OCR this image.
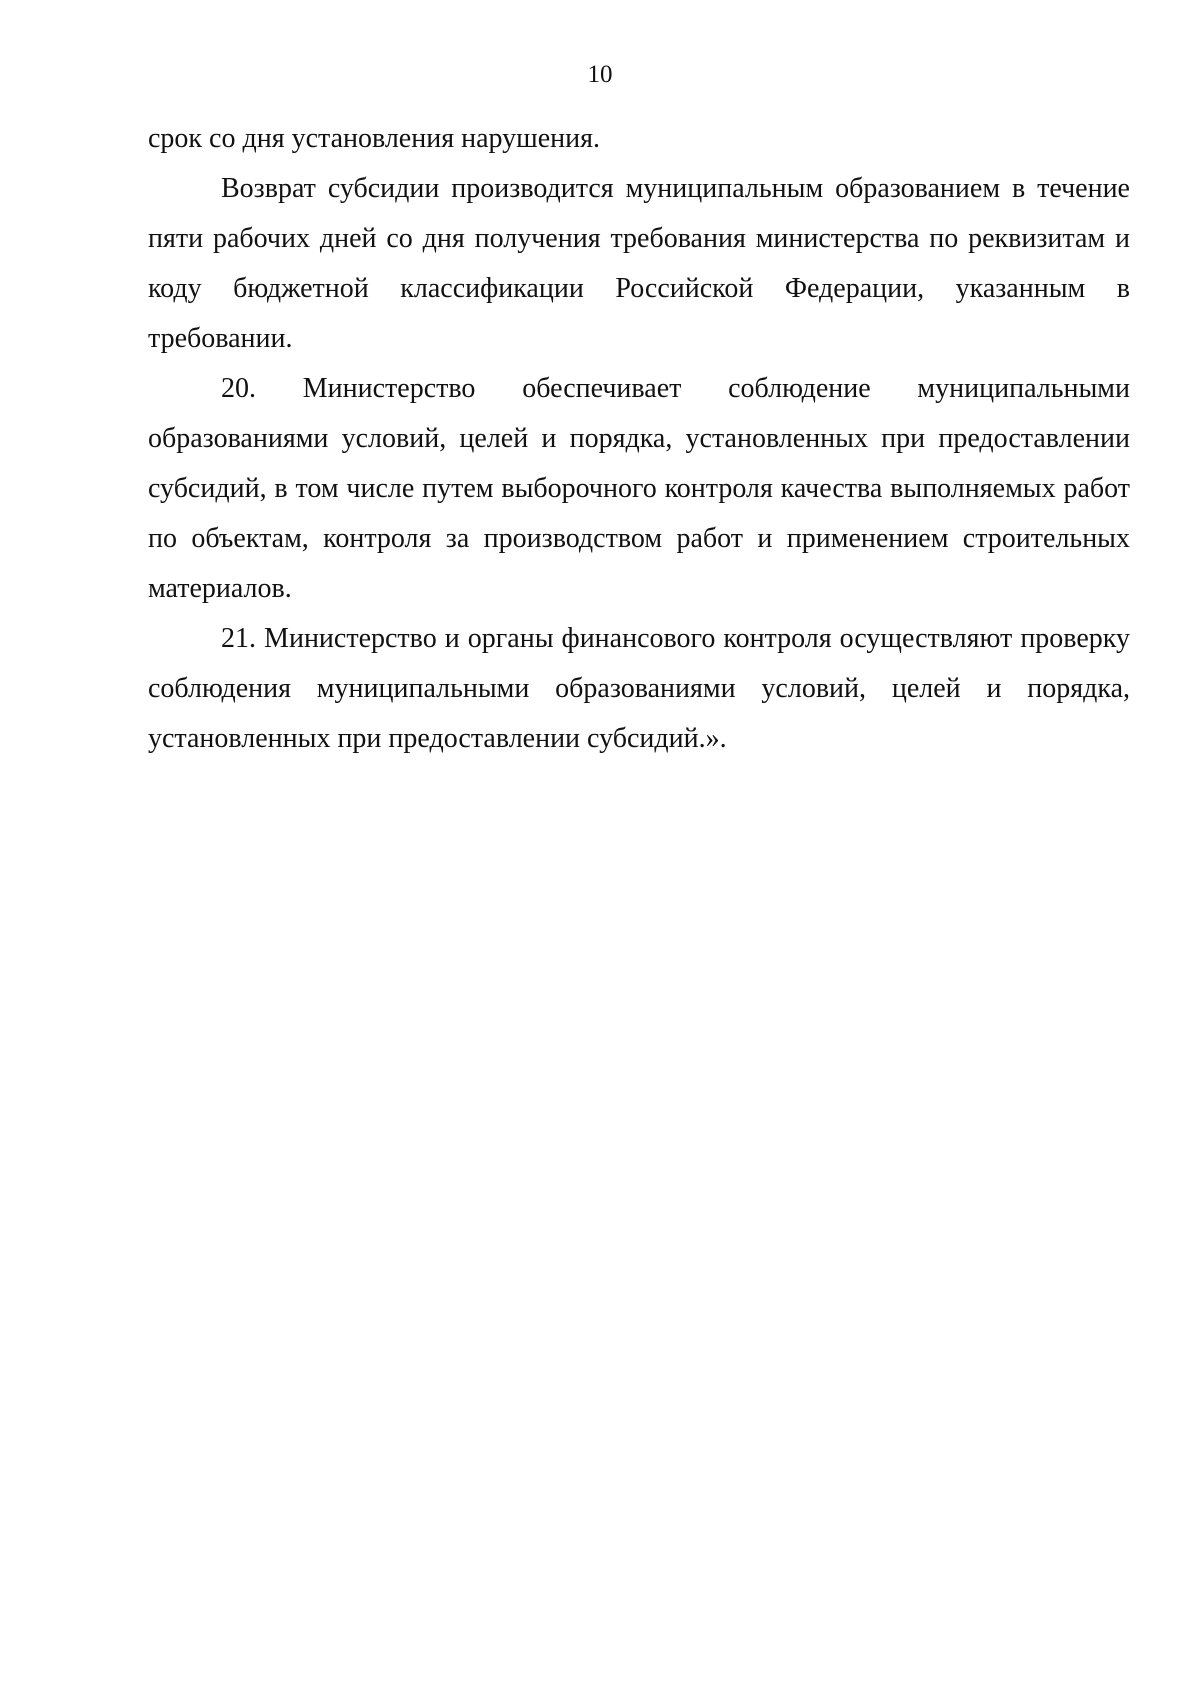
10

срок со дня установления нарушения.

Возврат субсидии производится муниципальным образованием в течение пяти рабочих дней со дня получения требования министерства по реквизитам и коду бюджетной классификации Российской Федерации, указанным в требовании.

20. Министерство обеспечивает соблюдение муниципальными образованиями условий, целей и порядка, установленных при предоставлении субсидий, в том числе путем выборочного контроля качества выполняемых работ по объектам, контроля за производством работ и применением строительных материалов.

21. Министерство и органы финансового контроля осуществляют проверку соблюдения муниципальными образованиями условий, целей и порядка, установленных при предоставлении субсидий.».
